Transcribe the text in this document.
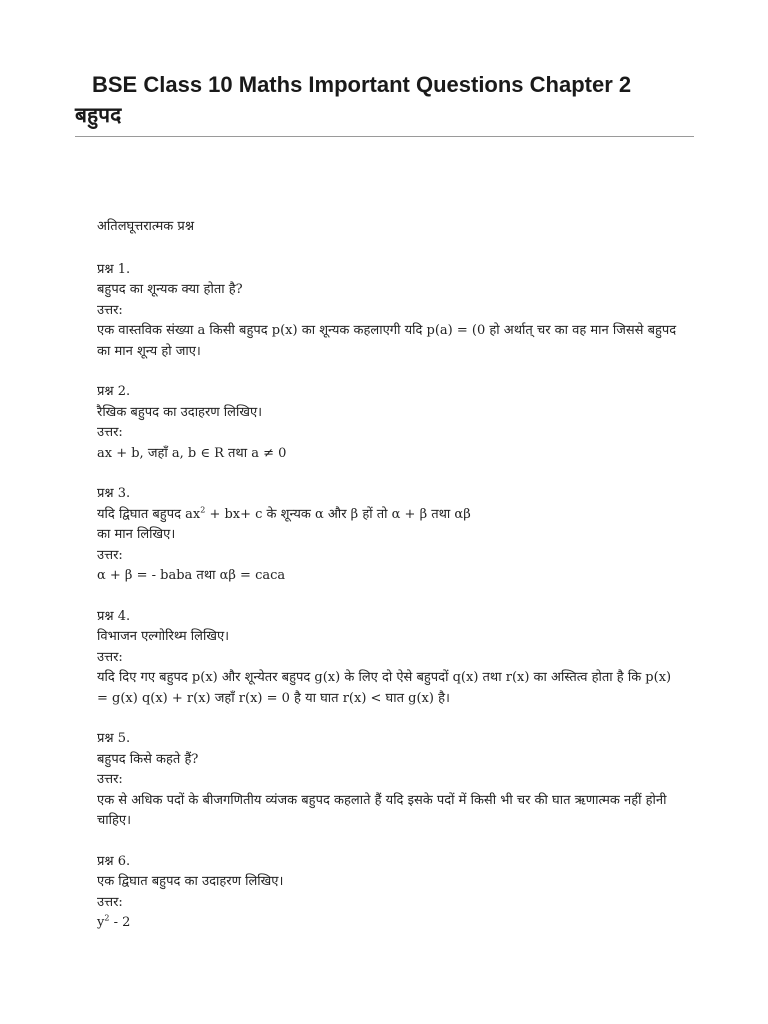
BSE Class 10 Maths Important Questions Chapter 2
बहुपद
अतिलघूत्तरात्मक प्रश्न
प्रश्न 1.
बहुपद का शून्यक क्या होता है?
उत्तर:
एक वास्तविक संख्या a किसी बहुपद p(x) का शून्यक कहलाएगी यदि p(a) = (0 हो अर्थात् चर का वह मान जिससे बहुपद का मान शून्य हो जाए।
प्रश्न 2.
रैखिक बहुपद का उदाहरण लिखिए।
उत्तर:
ax + b, जहाँ a, b ∈ R तथा a ≠ 0
प्रश्न 3.
यदि द्विघात बहुपद $ax^2 + bx+ c$ के शून्यक α और β हों तो α + β तथा αβ
का मान लिखिए।
उत्तर:
α + β = - baba तथा αβ = caca
प्रश्न 4.
विभाजन एल्गोरिथ्म लिखिए।
उत्तर:
यदि दिए गए बहुपद p(x) और शून्येतर बहुपद g(x) के लिए दो ऐसे बहुपदों q(x) तथा r(x) का अस्तित्व होता है कि p(x) = g(x) q(x) + r(x) जहाँ r(x) = 0 है या घात r(x) < घात g(x) है।
प्रश्न 5.
बहुपद किसे कहते हैं?
उत्तर:
एक से अधिक पदों के बीजगणितीय व्यंजक बहुपद कहलाते हैं यदि इसके पदों में किसी भी चर की घात ऋणात्मक नहीं होनी चाहिए।
प्रश्न 6.
एक द्विघात बहुपद का उदाहरण लिखिए।
उत्तर:
$y^2 - 2$
